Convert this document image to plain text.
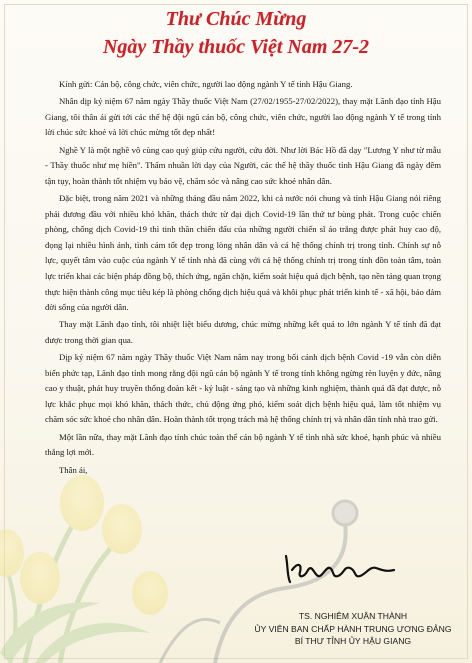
Thư Chúc Mừng
Ngày Thầy thuốc Việt Nam 27-2

Kính gửi: Cán bộ, công chức, viên chức, người lao động ngành Y tế tỉnh Hậu Giang.

Nhân dịp kỷ niệm 67 năm ngày Thầy thuốc Việt Nam (27/02/1955-27/02/2022), thay mặt Lãnh đạo tỉnh Hậu Giang, tôi thân ái gửi tới các thế hệ đội ngũ cán bộ, công chức, viên chức, người lao động ngành Y tế trong tỉnh lời chúc sức khoẻ và lời chúc mừng tốt đẹp nhất!

Nghề Y là một nghề vô cùng cao quý giúp cứu người, cứu đời. Như lời Bác Hồ đã dạy "Lương Y như từ mẫu - Thầy thuốc như mẹ hiền". Thấm nhuần lời dạy của Người, các thế hệ thầy thuốc tỉnh Hậu Giang đã ngày đêm tận tụy, hoàn thành tốt nhiệm vụ bảo vệ, chăm sóc và nâng cao sức khoẻ nhân dân.

Đặc biệt, trong năm 2021 và những tháng đầu năm 2022, khi cả nước nói chung và tỉnh Hậu Giang nói riêng phải đương đầu với nhiều khó khăn, thách thức từ đại dịch Covid-19 lần thứ tư bùng phát. Trong cuộc chiến phòng, chống dịch Covid-19 thì tinh thần chiến đấu của những người chiến sĩ áo trắng được phát huy cao độ, đọng lại nhiều hình ảnh, tình cảm tốt đẹp trong lòng nhân dân và cả hệ thống chính trị trong tỉnh. Chính sự nỗ lực, quyết tâm vào cuộc của ngành Y tế tỉnh nhà đã cùng với cả hệ thống chính trị trong tỉnh đồn toàn tâm, toàn lực triển khai các biện pháp đồng bộ, thích ứng, ngăn chặn, kiểm soát hiệu quả dịch bệnh, tạo nền tảng quan trọng thực hiện thành công mục tiêu kép là phòng chống dịch hiệu quả và khôi phục phát triển kinh tế - xã hội, bảo đảm đời sống của người dân.

Thay mặt Lãnh đạo tỉnh, tôi nhiệt liệt biểu dương, chúc mừng những kết quả to lớn ngành Y tế tỉnh đã đạt được trong thời gian qua.

Dịp kỷ niệm 67 năm ngày Thầy thuốc Việt Nam năm nay trong bối cảnh dịch bệnh Covid -19 vẫn còn diễn biến phức tạp, Lãnh đạo tỉnh mong rằng đội ngũ cán bộ ngành Y tế trong tỉnh không ngừng rèn luyện y đức, nâng cao y thuật, phát huy truyền thống đoàn kết - kỷ luật - sáng tạo và những kinh nghiệm, thành quả đã đạt được, nỗ lực khắc phục mọi khó khăn, thách thức, chủ động ứng phó, kiểm soát dịch bệnh hiệu quả, làm tốt nhiệm vụ chăm sóc sức khoẻ cho nhân dân. Hoàn thành tốt trọng trách mà hệ thống chính trị và nhân dân tỉnh nhà trao gửi.

Một lần nữa, thay mặt Lãnh đạo tỉnh chúc toàn thể cán bộ ngành Y tế tỉnh nhà sức khoẻ, hạnh phúc và nhiều thắng lợi mới.

Thân ái,

TS. NGHIÊM XUÂN THÀNH
ỦY VIÊN BAN CHẤP HÀNH TRUNG ƯƠNG ĐẢNG
BÍ THƯ TỈNH ỦY HẬU GIANG
